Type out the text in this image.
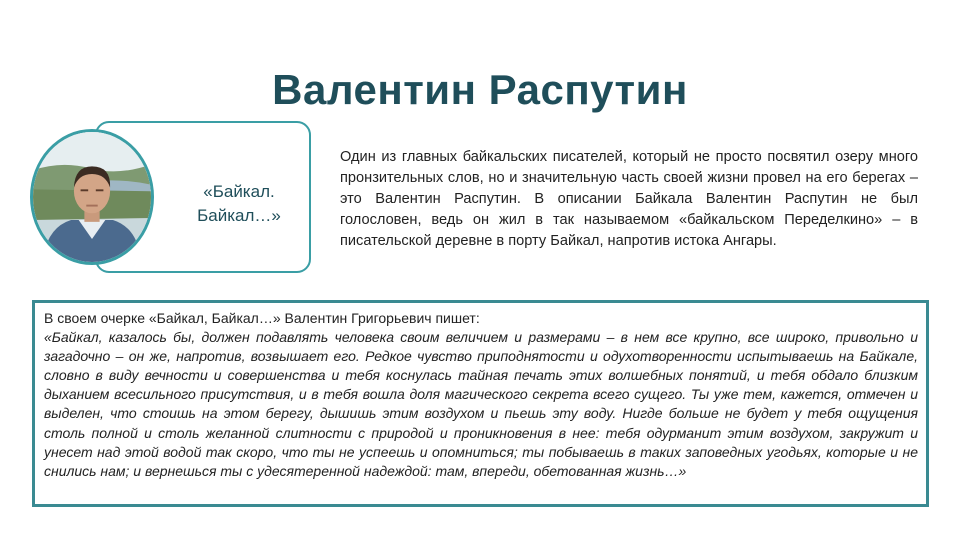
Валентин Распутин
«Байкал. Байкал…»
Один из главных байкальских писателей, который не просто посвятил озеру много пронзительных слов, но и значительную часть своей жизни провел на его берегах – это Валентин Распутин. В описании Байкала Валентин Распутин не был голословен, ведь он жил в так называемом «байкальском Переделкино» – в писательской деревне в порту Байкал, напротив истока Ангары.
В своем очерке «Байкал, Байкал…» Валентин Григорьевич пишет:
«Байкал, казалось бы, должен подавлять человека своим величием и размерами – в нем все крупно, все широко, привольно и загадочно – он же, напротив, возвышает его. Редкое чувство приподнятости и одухотворенности испытываешь на Байкале, словно в виду вечности и совершенства и тебя коснулась тайная печать этих волшебных понятий, и тебя обдало близким дыханием всесильного присутствия, и в тебя вошла доля магического секрета всего сущего. Ты уже тем, кажется, отмечен и выделен, что стоишь на этом берегу, дышишь этим воздухом и пьешь эту воду. Нигде больше не будет у тебя ощущения столь полной и столь желанной слитности с природой и проникновения в нее: тебя одурманит этим воздухом, закружит и унесет над этой водой так скоро, что ты не успеешь и опомниться; ты побываешь в таких заповедных угодьях, которые и не снились нам; и вернешься ты с удесятеренной надеждой: там, впереди, обетованная жизнь…»
